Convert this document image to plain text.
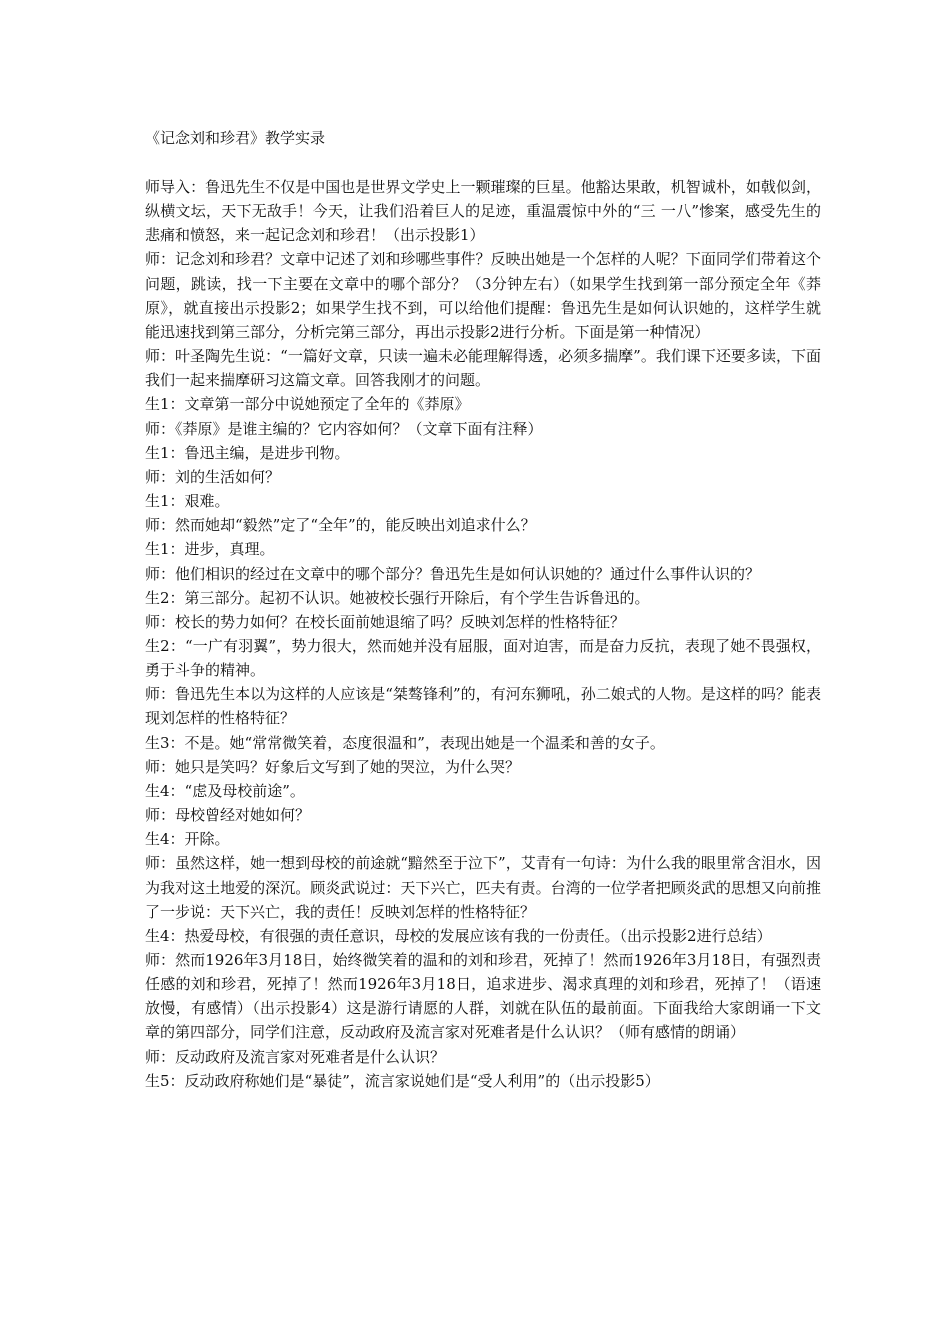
《记念刘和珍君》教学实录

师导入：鲁迅先生不仅是中国也是世界文学史上一颗璀璨的巨星。他豁达果敢，机智诚朴，如戟似剑，纵横文坛，天下无敌手！今天，让我们沿着巨人的足迹，重温震惊中外的“三 一八”惨案，感受先生的悲痛和愤怒，来一起记念刘和珍君！（出示投影1）

师：记念刘和珍君？文章中记述了刘和珍哪些事件？反映出她是一个怎样的人呢？下面同学们带着这个问题，跳读，找一下主要在文章中的哪个部分？（3分钟左右）（如果学生找到第一部分预定全年《莽原》，就直接出示投影2；如果学生找不到，可以给他们提醒：鲁迅先生是如何认识她的，这样学生就能迅速找到第三部分，分析完第三部分，再出示投影2进行分析。下面是第一种情况）

师：叶圣陶先生说：“一篇好文章，只读一遍未必能理解得透，必须多揣摩”。我们课下还要多读，下面我们一起来揣摩研习这篇文章。回答我刚才的问题。

生1：文章第一部分中说她预定了全年的《莽原》

师：《莽原》是谁主编的？它内容如何？（文章下面有注释）

生1：鲁迅主编，是进步刊物。

师：刘的生活如何？

生1：艰难。

师：然而她却“毅然”定了“全年”的，能反映出刘追求什么？

生1：进步，真理。

师：他们相识的经过在文章中的哪个部分？鲁迅先生是如何认识她的？通过什么事件认识的？

生2：第三部分。起初不认识。她被校长强行开除后，有个学生告诉鲁迅的。

师：校长的势力如何？在校长面前她退缩了吗？反映刘怎样的性格特征？

生2：“一广有羽翼”，势力很大，然而她并没有屈服，面对迫害，而是奋力反抗，表现了她不畏强权，勇于斗争的精神。

师：鲁迅先生本以为这样的人应该是“桀骜锋利”的，有河东狮吼，孙二娘式的人物。是这样的吗？能表现刘怎样的性格特征？

生3：不是。她“常常微笑着，态度很温和”，表现出她是一个温柔和善的女子。

师：她只是笑吗？好象后文写到了她的哭泣，为什么哭？

生4：“虑及母校前途”。

师：母校曾经对她如何？

生4：开除。

师：虽然这样，她一想到母校的前途就“黯然至于泣下”，艾青有一句诗：为什么我的眼里常含泪水，因为我对这土地爱的深沉。顾炎武说过：天下兴亡，匹夫有责。台湾的一位学者把顾炎武的思想又向前推了一步说：天下兴亡，我的责任！反映刘怎样的性格特征？

生4：热爱母校，有很强的责任意识，母校的发展应该有我的一份责任。（出示投影2进行总结）

师：然而1926年3月18日，始终微笑着的温和的刘和珍君，死掉了！然而1926年3月18日，有强烈责任感的刘和珍君，死掉了！然而1926年3月18日，追求进步、渴求真理的刘和珍君，死掉了！（语速放慢，有感情）（出示投影4）这是游行请愿的人群，刘就在队伍的最前面。下面我给大家朗诵一下文章的第四部分，同学们注意，反动政府及流言家对死难者是什么认识？（师有感情的朗诵）

师：反动政府及流言家对死难者是什么认识？

生5：反动政府称她们是“暴徒”，流言家说她们是“受人利用”的（出示投影5）
